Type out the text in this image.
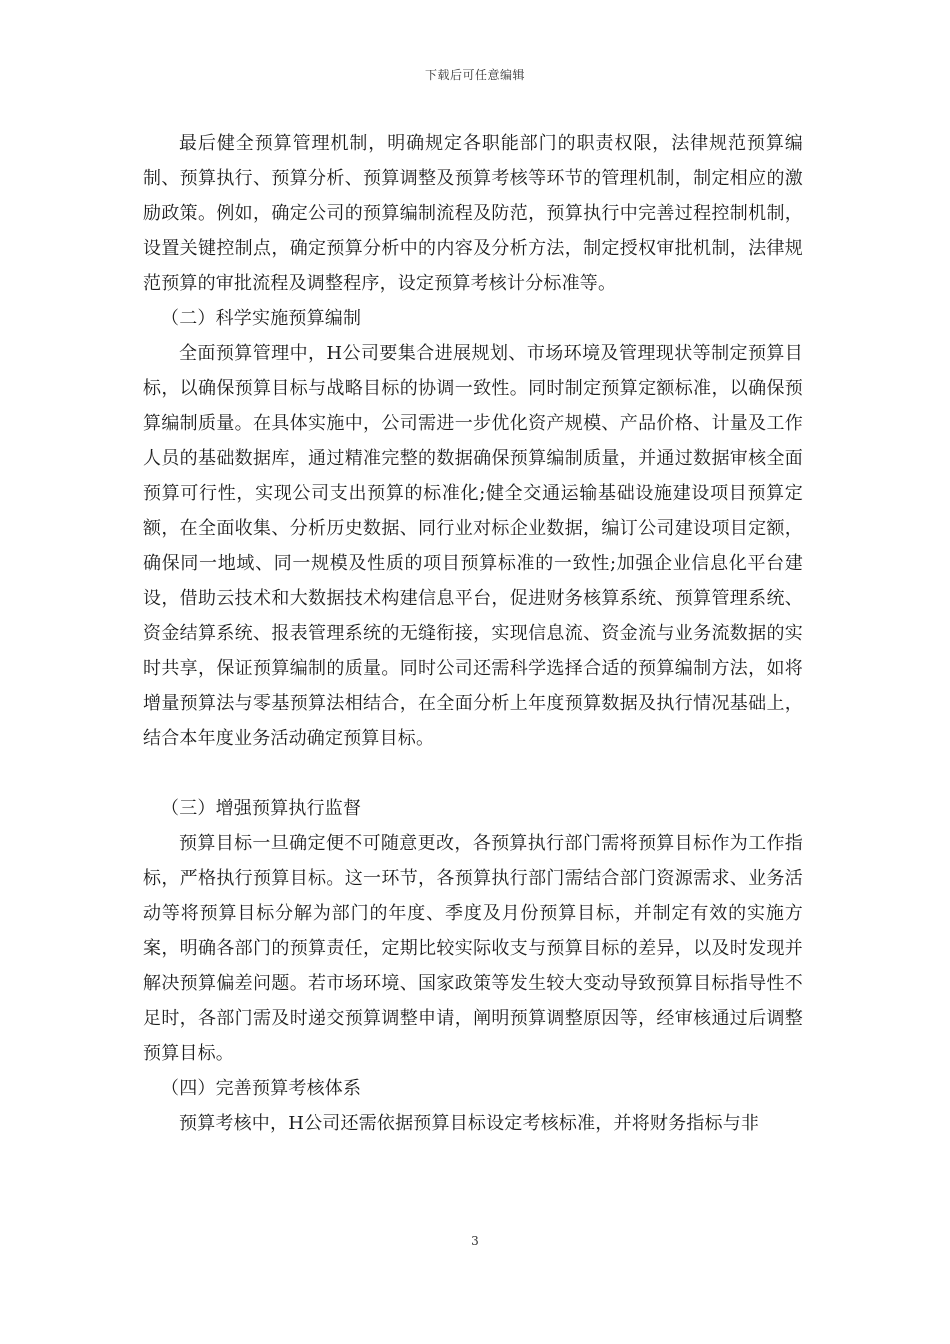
下载后可任意编辑

最后健全预算管理机制，明确规定各职能部门的职责权限，法律规范预算编制、预算执行、预算分析、预算调整及预算考核等环节的管理机制，制定相应的激励政策。例如，确定公司的预算编制流程及防范，预算执行中完善过程控制机制，设置关键控制点，确定预算分析中的内容及分析方法，制定授权审批机制，法律规范预算的审批流程及调整程序，设定预算考核计分标准等。

（二）科学实施预算编制

全面预算管理中，H公司要集合进展规划、市场环境及管理现状等制定预算目标，以确保预算目标与战略目标的协调一致性。同时制定预算定额标准，以确保预算编制质量。在具体实施中，公司需进一步优化资产规模、产品价格、计量及工作人员的基础数据库，通过精准完整的数据确保预算编制质量，并通过数据审核全面预算可行性，实现公司支出预算的标准化;健全交通运输基础设施建设项目预算定额，在全面收集、分析历史数据、同行业对标企业数据，编订公司建设项目定额，确保同一地域、同一规模及性质的项目预算标准的一致性;加强企业信息化平台建设，借助云技术和大数据技术构建信息平台，促进财务核算系统、预算管理系统、资金结算系统、报表管理系统的无缝衔接，实现信息流、资金流与业务流数据的实时共享，保证预算编制的质量。同时公司还需科学选择合适的预算编制方法，如将增量预算法与零基预算法相结合，在全面分析上年度预算数据及执行情况基础上，结合本年度业务活动确定预算目标。

（三）增强预算执行监督

预算目标一旦确定便不可随意更改，各预算执行部门需将预算目标作为工作指标，严格执行预算目标。这一环节，各预算执行部门需结合部门资源需求、业务活动等将预算目标分解为部门的年度、季度及月份预算目标，并制定有效的实施方案，明确各部门的预算责任，定期比较实际收支与预算目标的差异，以及时发现并解决预算偏差问题。若市场环境、国家政策等发生较大变动导致预算目标指导性不足时，各部门需及时递交预算调整申请，阐明预算调整原因等，经审核通过后调整预算目标。

（四）完善预算考核体系

预算考核中，H公司还需依据预算目标设定考核标准，并将财务指标与非

3
